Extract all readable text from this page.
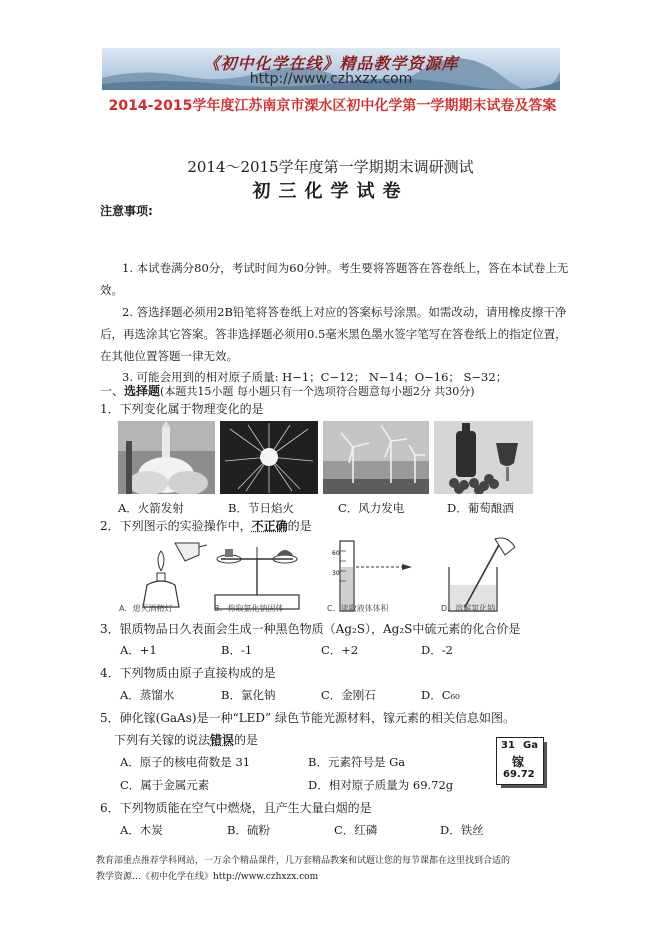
《初中化学在线》精品教学资源库
http://www.czhxzx.com
2014-2015学年度江苏南京市溧水区初中化学第一学期期末试卷及答案
2014～2015学年度第一学期期末调研测试
初三化学试卷
注意事项:
1. 本试卷满分80分，考试时间为60分钟。考生要将答题答在答卷纸上，答在本试卷上无效。
2. 答选择题必须用2B铅笔将答卷纸上对应的答案标号涂黑。如需改动，请用橡皮擦干净后，再选涂其它答案。答非选择题必须用0.5毫米黑色墨水签字笔写在答卷纸上的指定位置，在其他位置答题一律无效。
3. 可能会用到的相对原子质量: H−1；C−12； N−14；O−16； S−32；
一、选择题(本题共15小题 每小题只有一个选项符合题意每小题2分 共30分)
1．下列变化属于物理变化的是
A．火箭发射	B．节日焰火	C．风力发电	D．葡萄酿酒
2．下列图示的实验操作中，不正确的是
60
30
A．熄灭酒精灯	B．称取氯化钠固体	C．读取液体体积	D．溶解氯化钠
3．银质物品日久表面会生成一种黑色物质（Ag₂S），Ag₂S中硫元素的化合价是
A．+1	B．-1	C．+2	D．-2
4．下列物质由原子直接构成的是
A．蒸馏水	B．氯化钠	C．金刚石	D．C₆₀
5．砷化镓(GaAs)是一种“LED” 绿色节能光源材料，镓元素的相关信息如图。
下列有关镓的说法错误的是
A．原子的核电荷数是 31	B．元素符号是 Ga
C．属于金属元素	D．相对原子质量为 69.72g
31 Ga
镓
69.72
6．下列物质能在空气中燃烧，且产生大量白烟的是
A．木炭	B．硫粉	C．红磷	D．铁丝
教育部重点推荐学科网站，一万余个精品课件，几万套精品教案和试题让您的每节课都在这里找到合适的
教学资源…《初中化学在线》http://www.czhxzx.com
